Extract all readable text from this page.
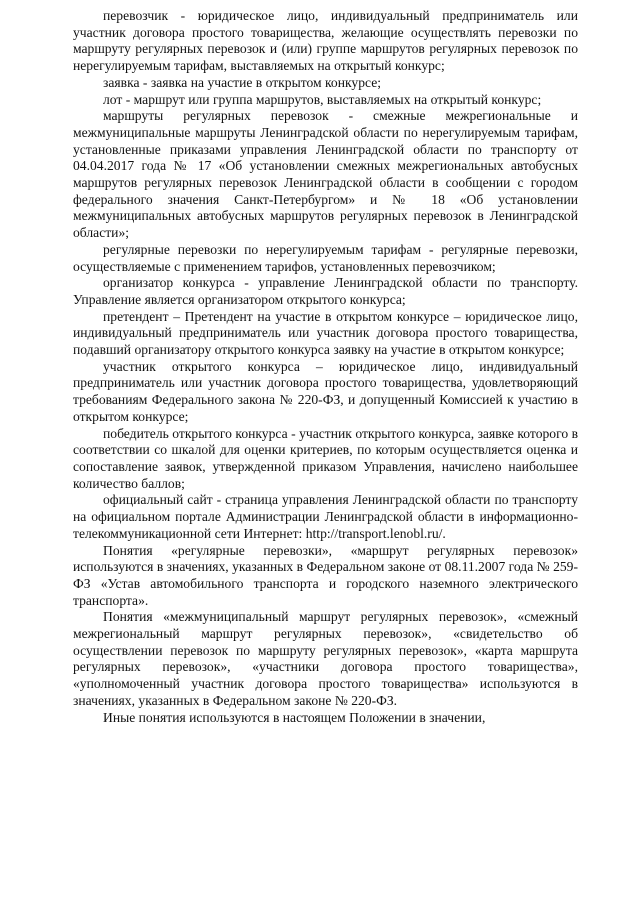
перевозчик - юридическое лицо, индивидуальный предприниматель или участник договора простого товарищества, желающие осуществлять перевозки по маршруту регулярных перевозок и (или) группе маршрутов регулярных перевозок по нерегулируемым тарифам, выставляемых на открытый конкурс;

заявка - заявка на участие в открытом конкурсе;

лот - маршрут или группа маршрутов, выставляемых на открытый конкурс;

маршруты регулярных перевозок - смежные межрегиональные и межмуниципальные маршруты Ленинградской области по нерегулируемым тарифам, установленные приказами управления Ленинградской области по транспорту от 04.04.2017 года № 17 «Об установлении смежных межрегиональных автобусных маршрутов регулярных перевозок Ленинградской области в сообщении с городом федерального значения Санкт-Петербургом» и № 18 «Об установлении межмуниципальных автобусных маршрутов регулярных перевозок в Ленинградской области»;

регулярные перевозки по нерегулируемым тарифам - регулярные перевозки, осуществляемые с применением тарифов, установленных перевозчиком;

организатор конкурса - управление Ленинградской области по транспорту. Управление является организатором открытого конкурса;

претендент – Претендент на участие в открытом конкурсе – юридическое лицо, индивидуальный предприниматель или участник договора простого товарищества, подавший организатору открытого конкурса заявку на участие в открытом конкурсе;

участник открытого конкурса – юридическое лицо, индивидуальный предприниматель или участник договора простого товарищества, удовлетворяющий требованиям Федерального закона № 220-ФЗ, и допущенный Комиссией к участию в открытом конкурсе;

победитель открытого конкурса - участник открытого конкурса, заявке которого в соответствии со шкалой для оценки критериев, по которым осуществляется оценка и сопоставление заявок, утвержденной приказом Управления, начислено наибольшее количество баллов;

официальный сайт - страница управления Ленинградской области по транспорту на официальном портале Администрации Ленинградской области в информационно-телекоммуникационной сети Интернет: http://transport.lenobl.ru/.

Понятия «регулярные перевозки», «маршрут регулярных перевозок» используются в значениях, указанных в Федеральном законе от 08.11.2007 года № 259-ФЗ «Устав автомобильного транспорта и городского наземного электрического транспорта».

Понятия «межмуниципальный маршрут регулярных перевозок», «смежный межрегиональный маршрут регулярных перевозок», «свидетельство об осуществлении перевозок по маршруту регулярных перевозок», «карта маршрута регулярных перевозок», «участники договора простого товарищества», «уполномоченный участник договора простого товарищества» используются в значениях, указанных в Федеральном законе № 220-ФЗ.

Иные понятия используются в настоящем Положении в значении,
